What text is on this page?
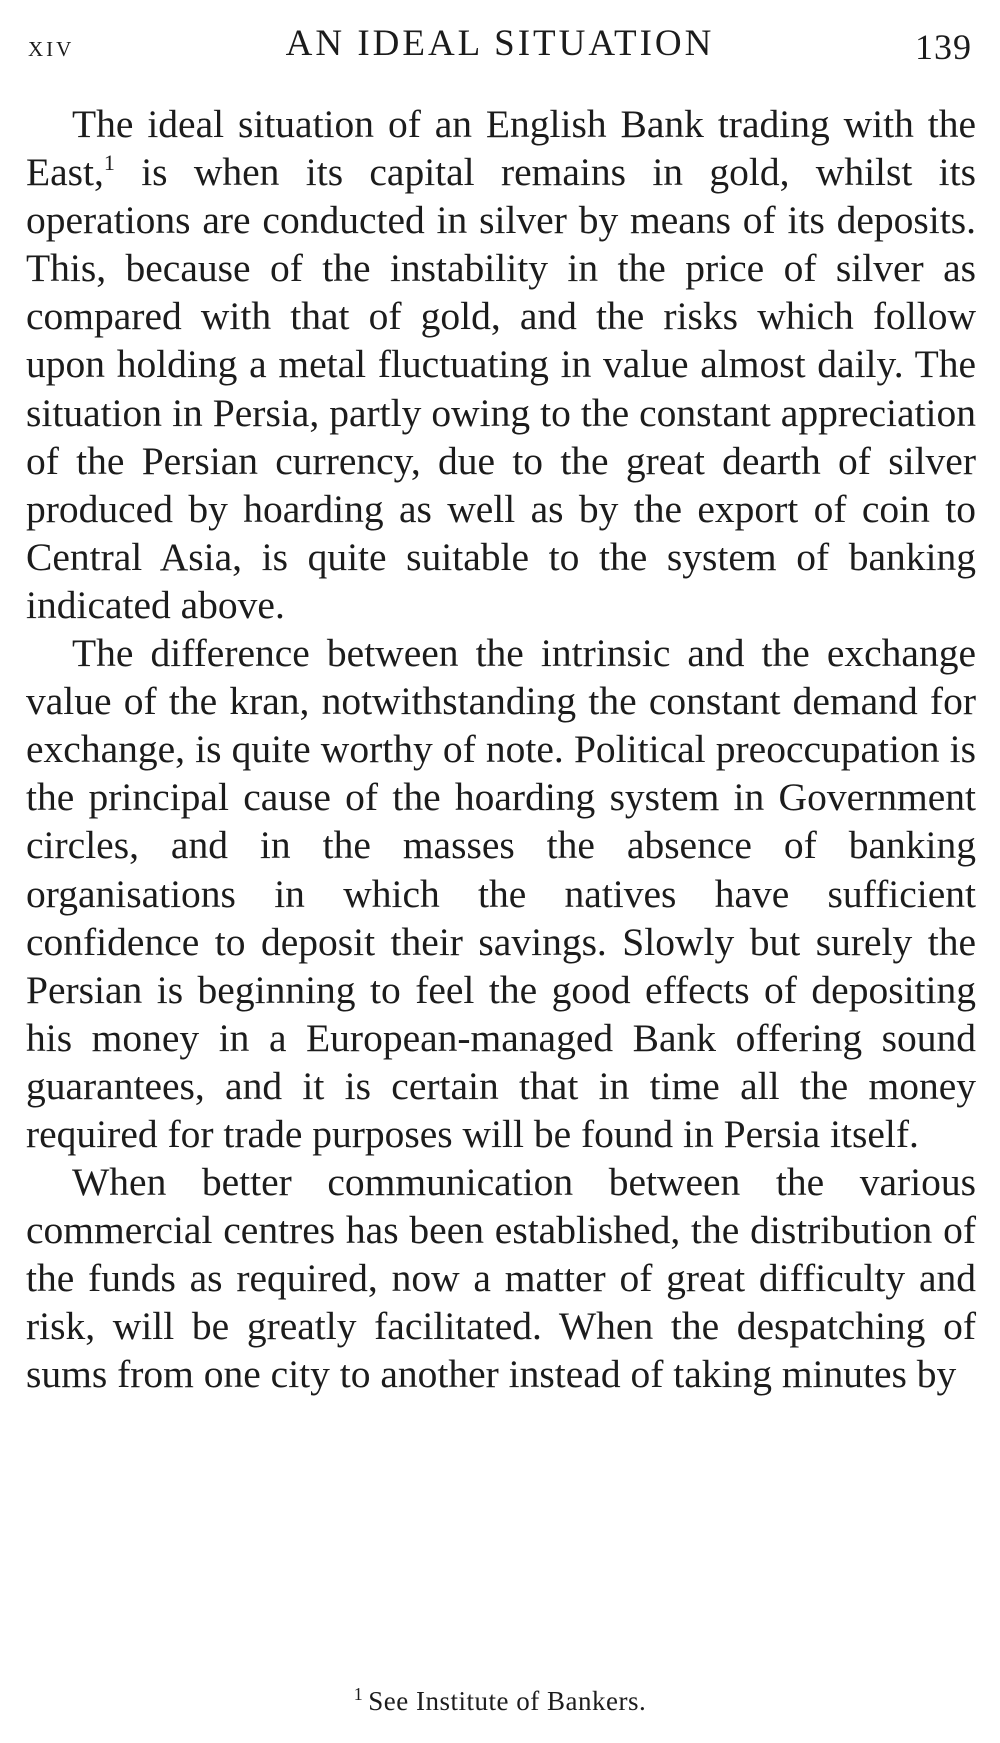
xiv	AN IDEAL SITUATION	139

The ideal situation of an English Bank trading with the East,$^1$ is when its capital remains in gold, whilst its operations are conducted in silver by means of its deposits. This, because of the instability in the price of silver as compared with that of gold, and the risks which follow upon holding a metal fluctuating in value almost daily. The situation in Persia, partly owing to the constant appreciation of the Persian currency, due to the great dearth of silver produced by hoarding as well as by the export of coin to Central Asia, is quite suitable to the system of banking indicated above.

The difference between the intrinsic and the exchange value of the kran, notwithstanding the constant demand for exchange, is quite worthy of note. Political preoccupation is the principal cause of the hoarding system in Government circles, and in the masses the absence of banking organisations in which the natives have sufficient confidence to deposit their savings. Slowly but surely the Persian is beginning to feel the good effects of depositing his money in a European-managed Bank offering sound guarantees, and it is certain that in time all the money required for trade purposes will be found in Persia itself.

When better communication between the various commercial centres has been established, the distribution of the funds as required, now a matter of great difficulty and risk, will be greatly facilitated. When the despatching of sums from one city to another instead of taking minutes by

$^1$ See Institute of Bankers.
